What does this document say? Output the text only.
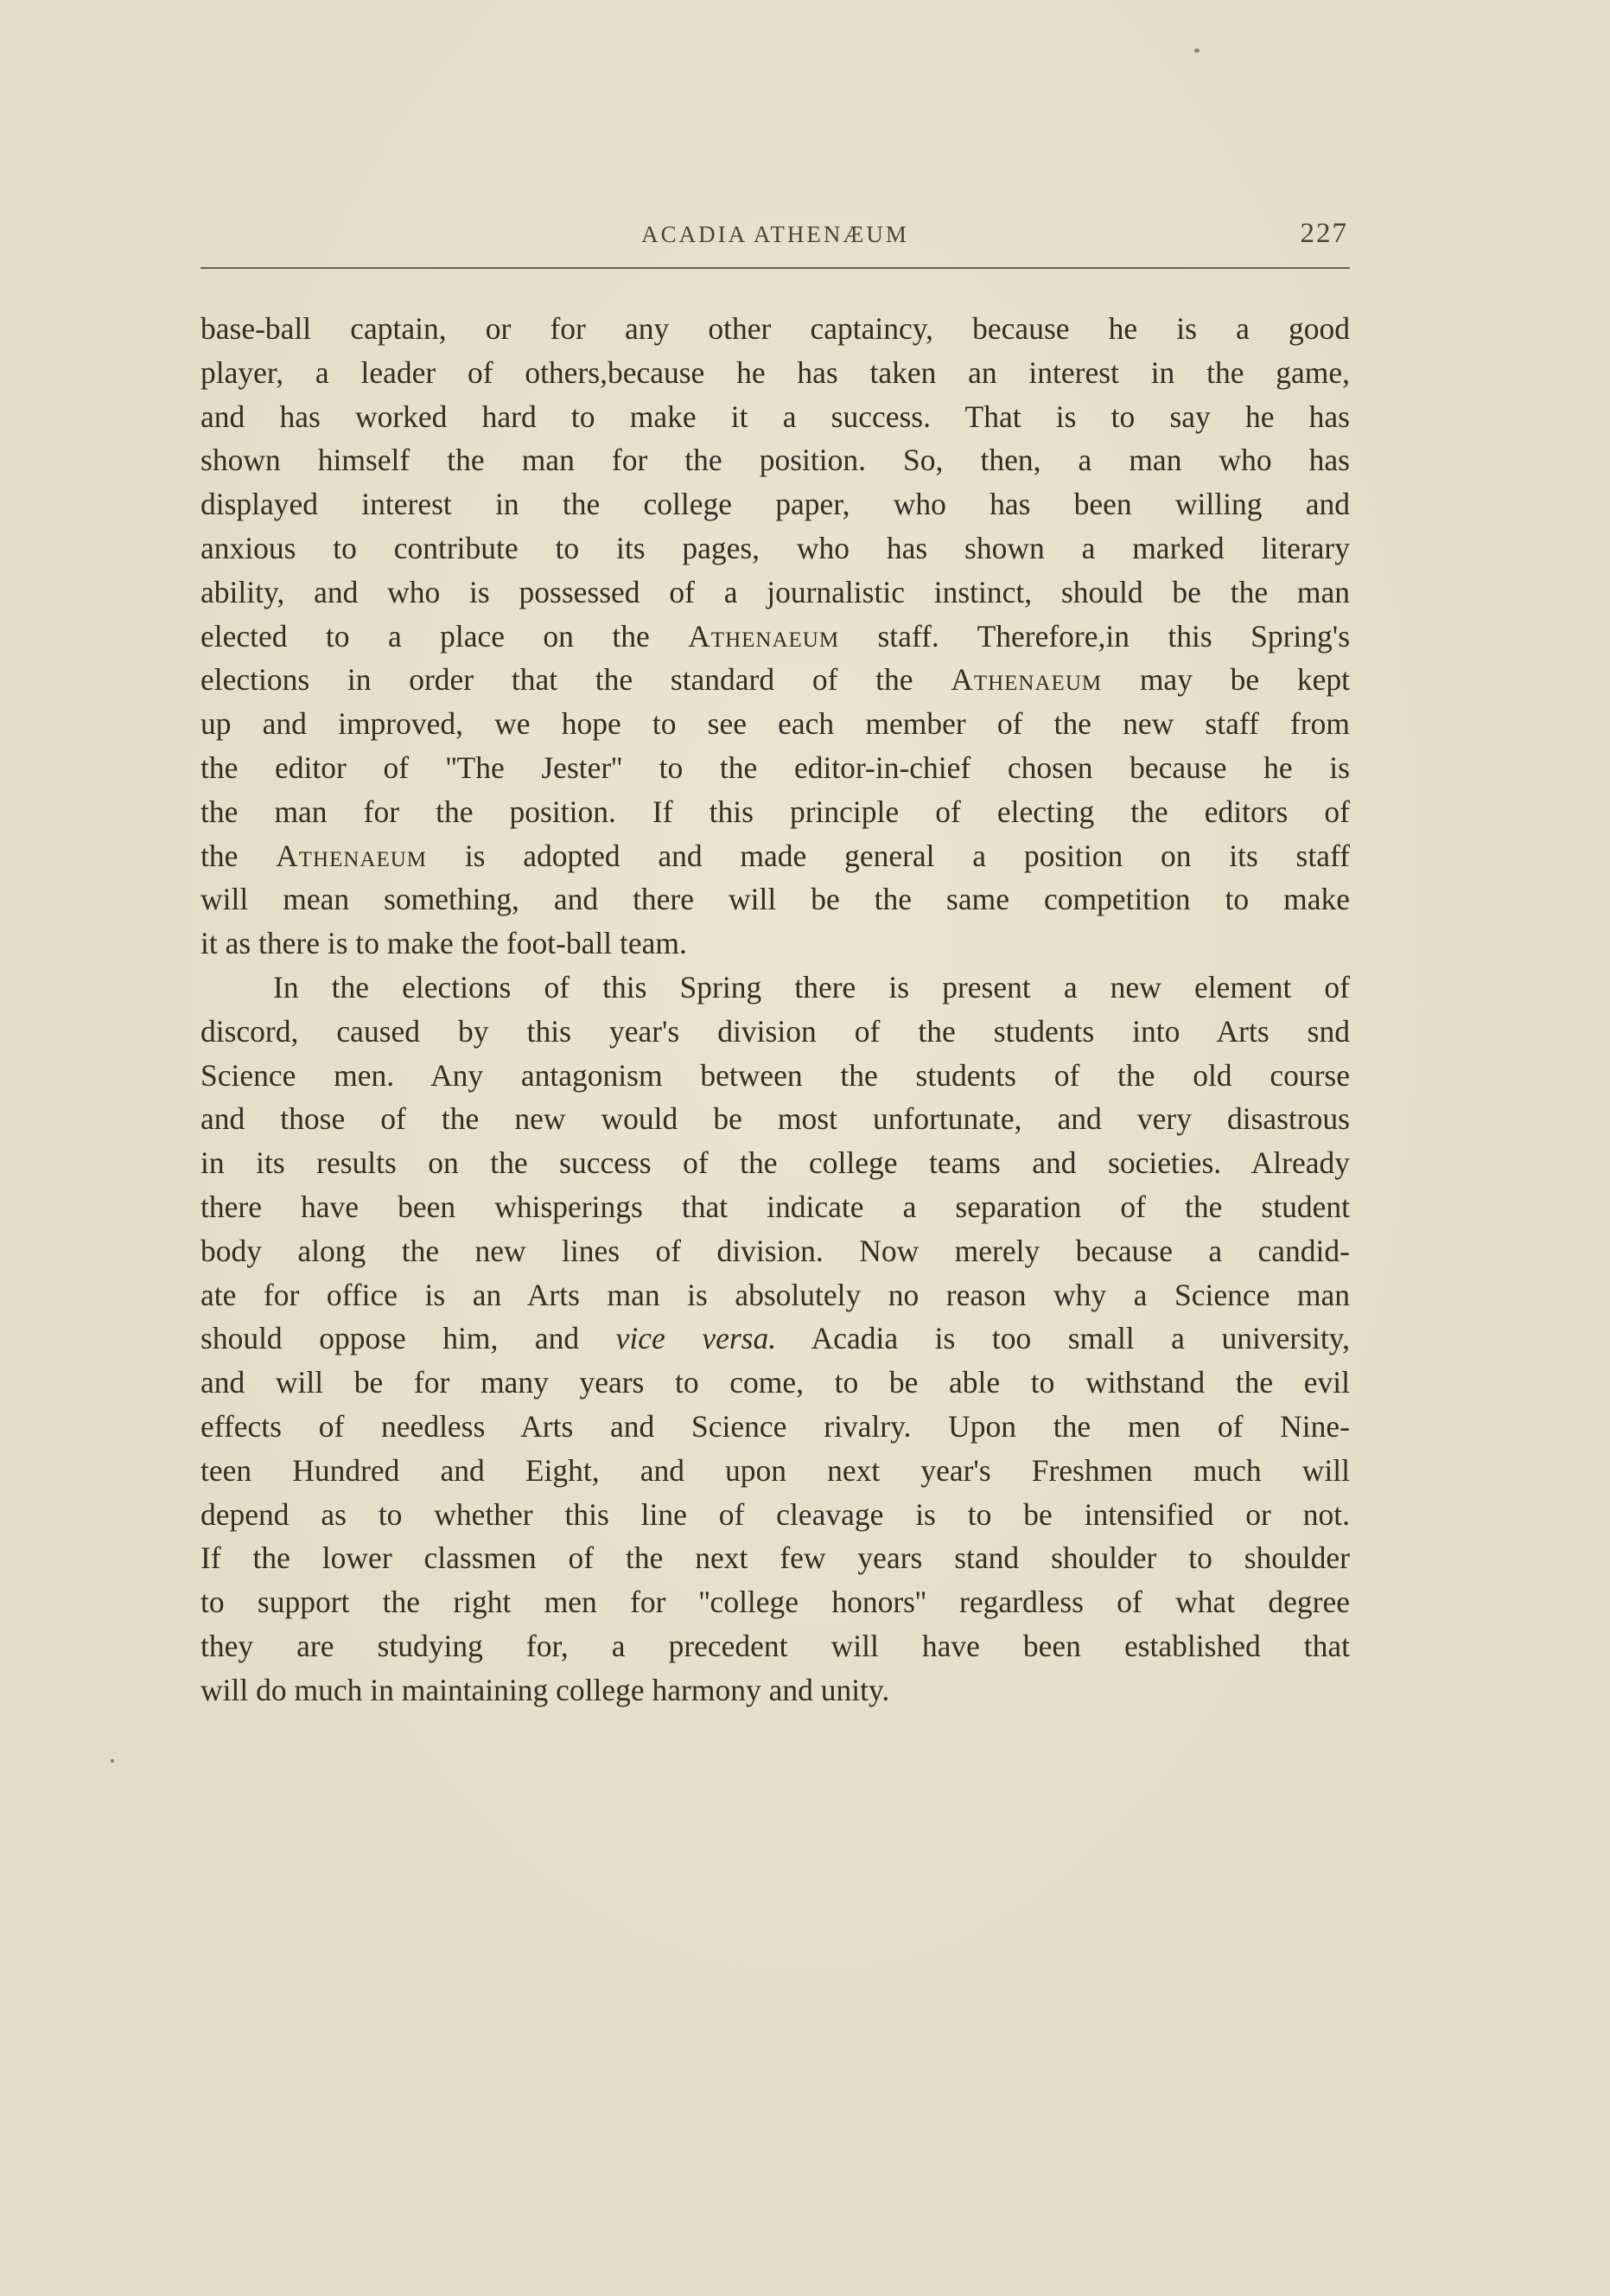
ACADIA ATHENÆUM	227
base-ball captain, or for any other captaincy, because he is a good
player, a leader of others,because he has taken an interest in the game,
and has worked hard to make it a success. That is to say he has
shown himself the man for the position. So, then, a man who has
displayed interest in the college paper, who has been willing and
anxious to contribute to its pages, who has shown a marked literary
ability, and who is possessed of a journalistic instinct, should be the man
elected to a place on the Athenaeum staff. Therefore,in this Spring's
elections in order that the standard of the Athenaeum may be kept
up and improved, we hope to see each member of the new staff from
the editor of ''The Jester'' to the editor-in-chief chosen because he is
the man for the position. If this principle of electing the editors of
the Athenaeum is adopted and made general a position on its staff
will mean something, and there will be the same competition to make
it as there is to make the foot-ball team.
In the elections of this Spring there is present a new element of
discord, caused by this year's division of the students into Arts snd
Science men. Any antagonism between the students of the old course
and those of the new would be most unfortunate, and very disastrous
in its results on the success of the college teams and societies. Already
there have been whisperings that indicate a separation of the student
body along the new lines of division. Now merely because a candid-
ate for office is an Arts man is absolutely no reason why a Science man
should oppose him, and vice versa. Acadia is too small a university,
and will be for many years to come, to be able to withstand the evil
effects of needless Arts and Science rivalry. Upon the men of Nine-
teen Hundred and Eight, and upon next year's Freshmen much will
depend as to whether this line of cleavage is to be intensified or not.
If the lower classmen of the next few years stand shoulder to shoulder
to support the right men for ''college honors'' regardless of what degree
they are studying for, a precedent will have been established that
will do much in maintaining college harmony and unity.
